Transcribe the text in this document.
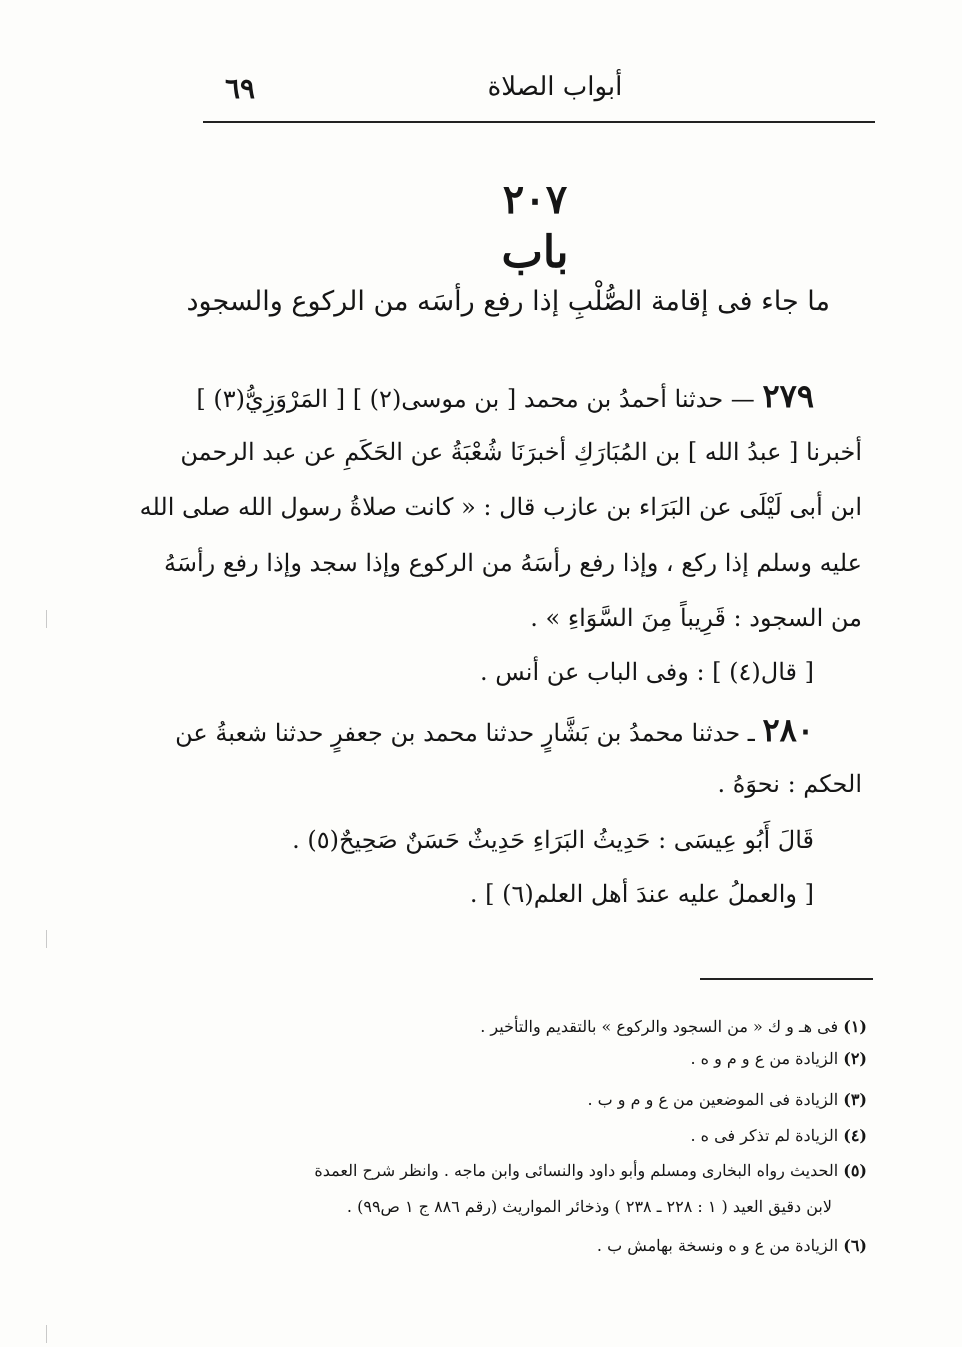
أبواب الصلاة
٦٩
٢٠٧
باب
ما جاء فى إقامة الصُّلْبِ إذا رفع رأسَه من الركوع والسجود
٢٧٩ — حدثنا أحمدُ بن محمد [ بن موسى(٢) ] [ المَرْوَزِيُّ(٣) ]
أخبرنا [ عبدُ الله ] بن المُبَارَكِ أخبرَنَا شُعْبَةُ عن الحَكَمِ عن عبد الرحمن
ابن أبى لَيْلَى عن البَرَاء بن عازب قال : « كانت صلاةُ رسول الله صلى الله
عليه وسلم إذا ركع ، وإذا رفع رأسَهُ من الركوع وإذا سجد وإذا رفع رأسَهُ
من السجود : قَرِيباً مِنَ السَّوَاءِ » .
[ قال(٤) ] : وفى الباب عن أنس .
٢٨٠ ـ حدثنا محمدُ بن بَشَّارٍ حدثنا محمد بن جعفرٍ حدثنا شعبةُ عن
الحكم : نحوَهُ .
قَالَ أَبُو عِيسَى : حَدِيثُ البَرَاءِ حَدِيثٌ حَسَنٌ صَحِيحٌ(٥) .
[ والعملُ عليه عندَ أهل العلم(٦) ] .
(١) فى هـ و ك « من السجود والركوع » بالتقديم والتأخير .
(٢) الزيادة من ع و م و ه .
(٣) الزيادة فى الموضعين من ع و م و ب .
(٤) الزيادة لم تذكر فى ه .
(٥) الحديث رواه البخارى ومسلم وأبو داود والنسائى وابن ماجه . وانظر شرح العمدة
لابن دقيق العيد ( ١ : ٢٢٨ ـ ٢٣٨ ) وذخائر المواريث (رقم ٨٨٦ ج ١ ص٩٩) .
(٦) الزيادة من ع و ه ونسخة بهامش ب .
